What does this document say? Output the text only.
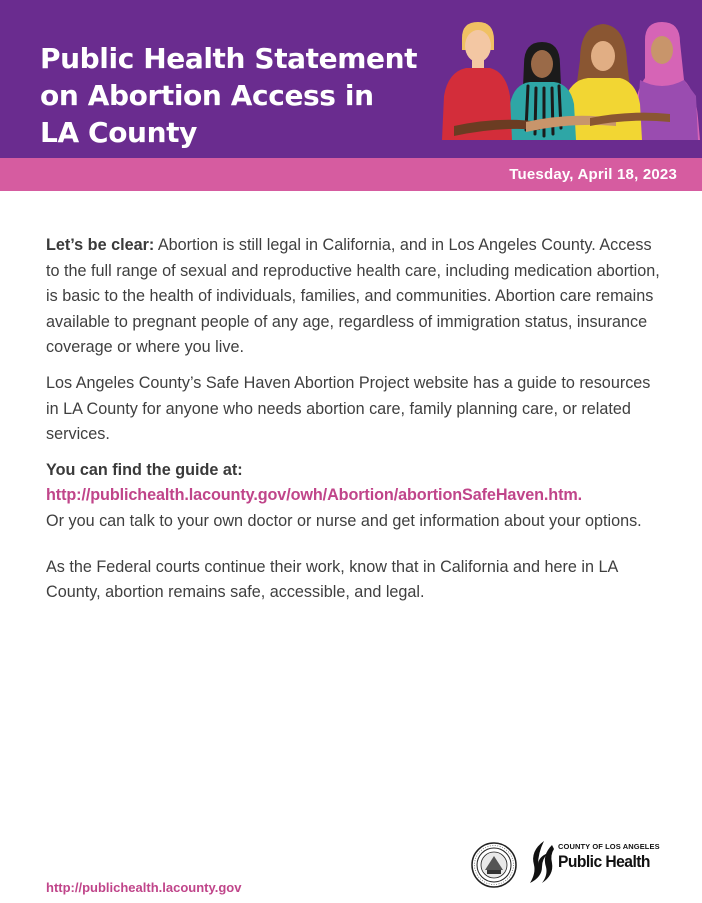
Public Health Statement
on Abortion Access in
LA County
Tuesday, April 18, 2023

Let’s be clear: Abortion is still legal in California, and in Los Angeles County. Access to the full range of sexual and reproductive health care, including medication abortion, is basic to the health of individuals, families, and communities. Abortion care remains available to pregnant people of any age, regardless of immigration status, insurance coverage or where you live.

Los Angeles County’s Safe Haven Abortion Project website has a guide to resources in LA County for anyone who needs abortion care, family planning care, or related services.

You can find the guide at:
http://publichealth.lacounty.gov/owh/Abortion/abortionSafeHaven.htm.
Or you can talk to your own doctor or nurse and get information about your options.

As the Federal courts continue their work, know that in California and here in LA County, abortion remains safe, accessible, and legal.

http://publichealth.lacounty.gov
COUNTY OF LOS ANGELES
Public Health
